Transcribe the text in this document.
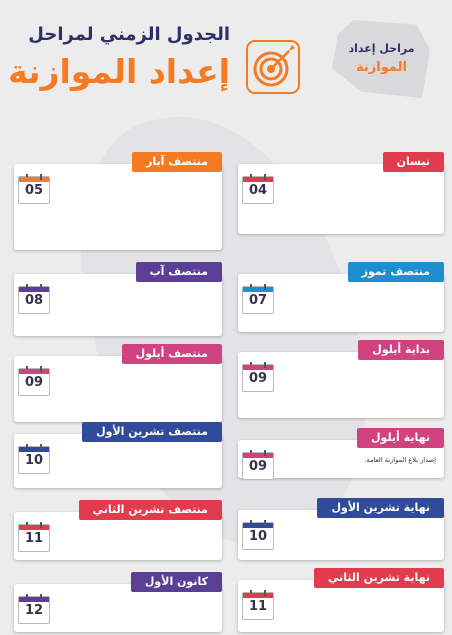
مراحل إعداد
الموازنة
الجدول الزمني لمراحل
إعداد الموازنة
05
منتصف آيار
04
نيسان
08
منتصف آب
07
منتصف تموز
09
منتصف أيلول
09
بداية أيلول
10
منتصف تشرين الأول
09	إصدار بلاغ الموازنة العامة.
نهاية أيلول
11
منتصف تشرين الثاني
10
نهاية تشرين الأول
12
كانون الأول
11
نهاية تشرين الثاني
